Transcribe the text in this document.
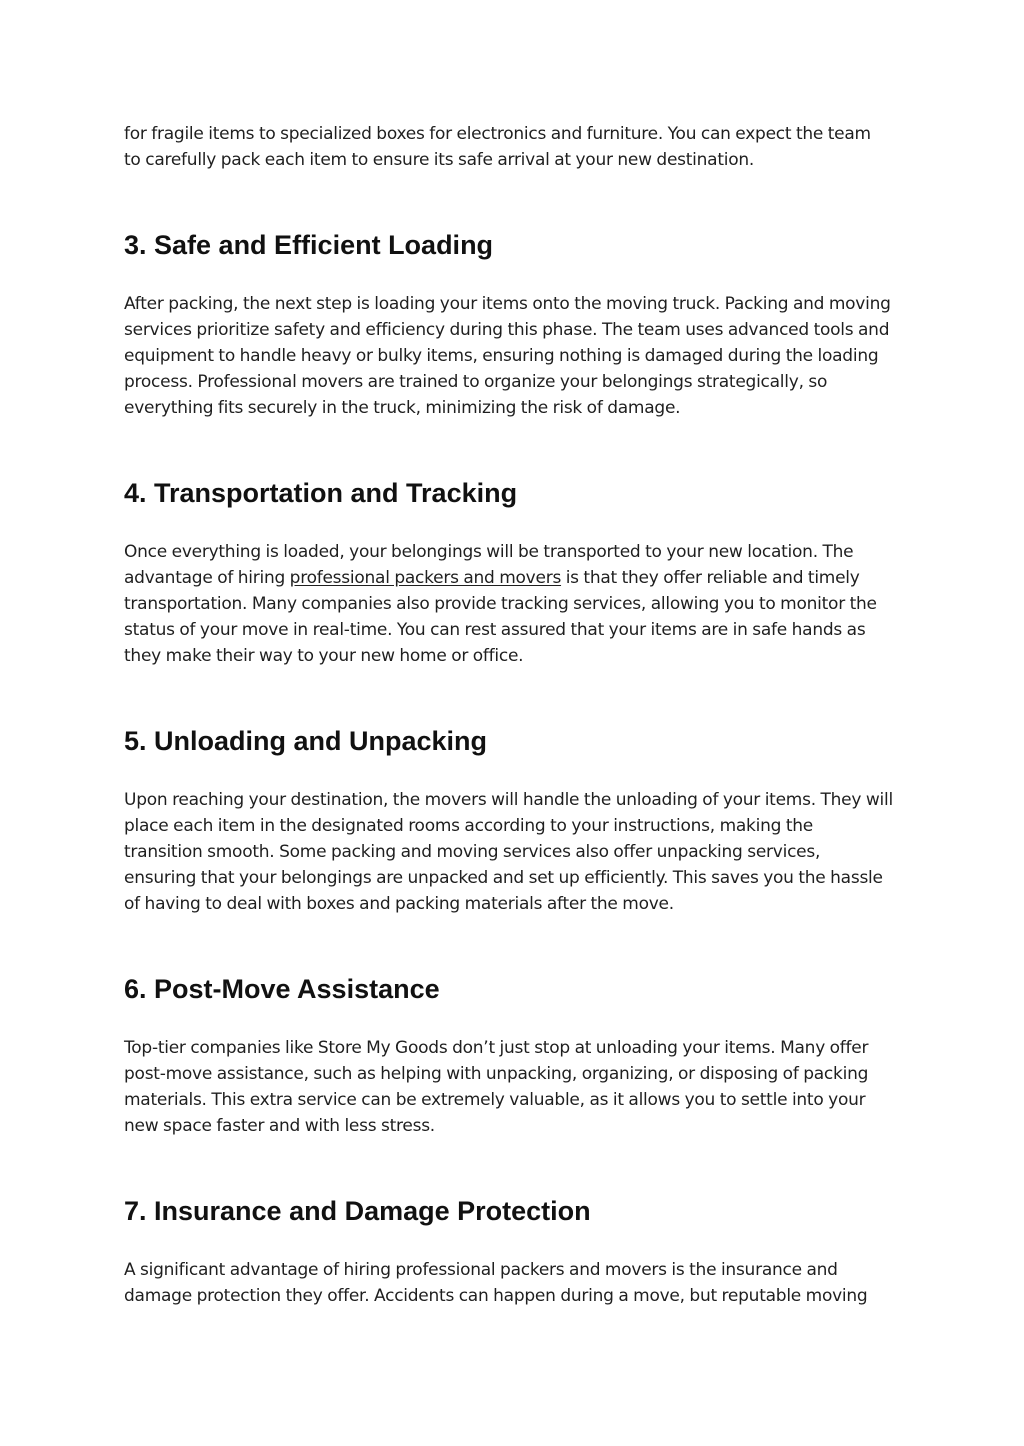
for fragile items to specialized boxes for electronics and furniture. You can expect the team
to carefully pack each item to ensure its safe arrival at your new destination.

3. Safe and Efficient Loading

After packing, the next step is loading your items onto the moving truck. Packing and moving
services prioritize safety and efficiency during this phase. The team uses advanced tools and
equipment to handle heavy or bulky items, ensuring nothing is damaged during the loading
process. Professional movers are trained to organize your belongings strategically, so
everything fits securely in the truck, minimizing the risk of damage.

4. Transportation and Tracking

Once everything is loaded, your belongings will be transported to your new location. The
advantage of hiring professional packers and movers is that they offer reliable and timely
transportation. Many companies also provide tracking services, allowing you to monitor the
status of your move in real-time. You can rest assured that your items are in safe hands as
they make their way to your new home or office.

5. Unloading and Unpacking

Upon reaching your destination, the movers will handle the unloading of your items. They will
place each item in the designated rooms according to your instructions, making the
transition smooth. Some packing and moving services also offer unpacking services,
ensuring that your belongings are unpacked and set up efficiently. This saves you the hassle
of having to deal with boxes and packing materials after the move.

6. Post-Move Assistance

Top-tier companies like Store My Goods don’t just stop at unloading your items. Many offer
post-move assistance, such as helping with unpacking, organizing, or disposing of packing
materials. This extra service can be extremely valuable, as it allows you to settle into your
new space faster and with less stress.

7. Insurance and Damage Protection

A significant advantage of hiring professional packers and movers is the insurance and
damage protection they offer. Accidents can happen during a move, but reputable moving
